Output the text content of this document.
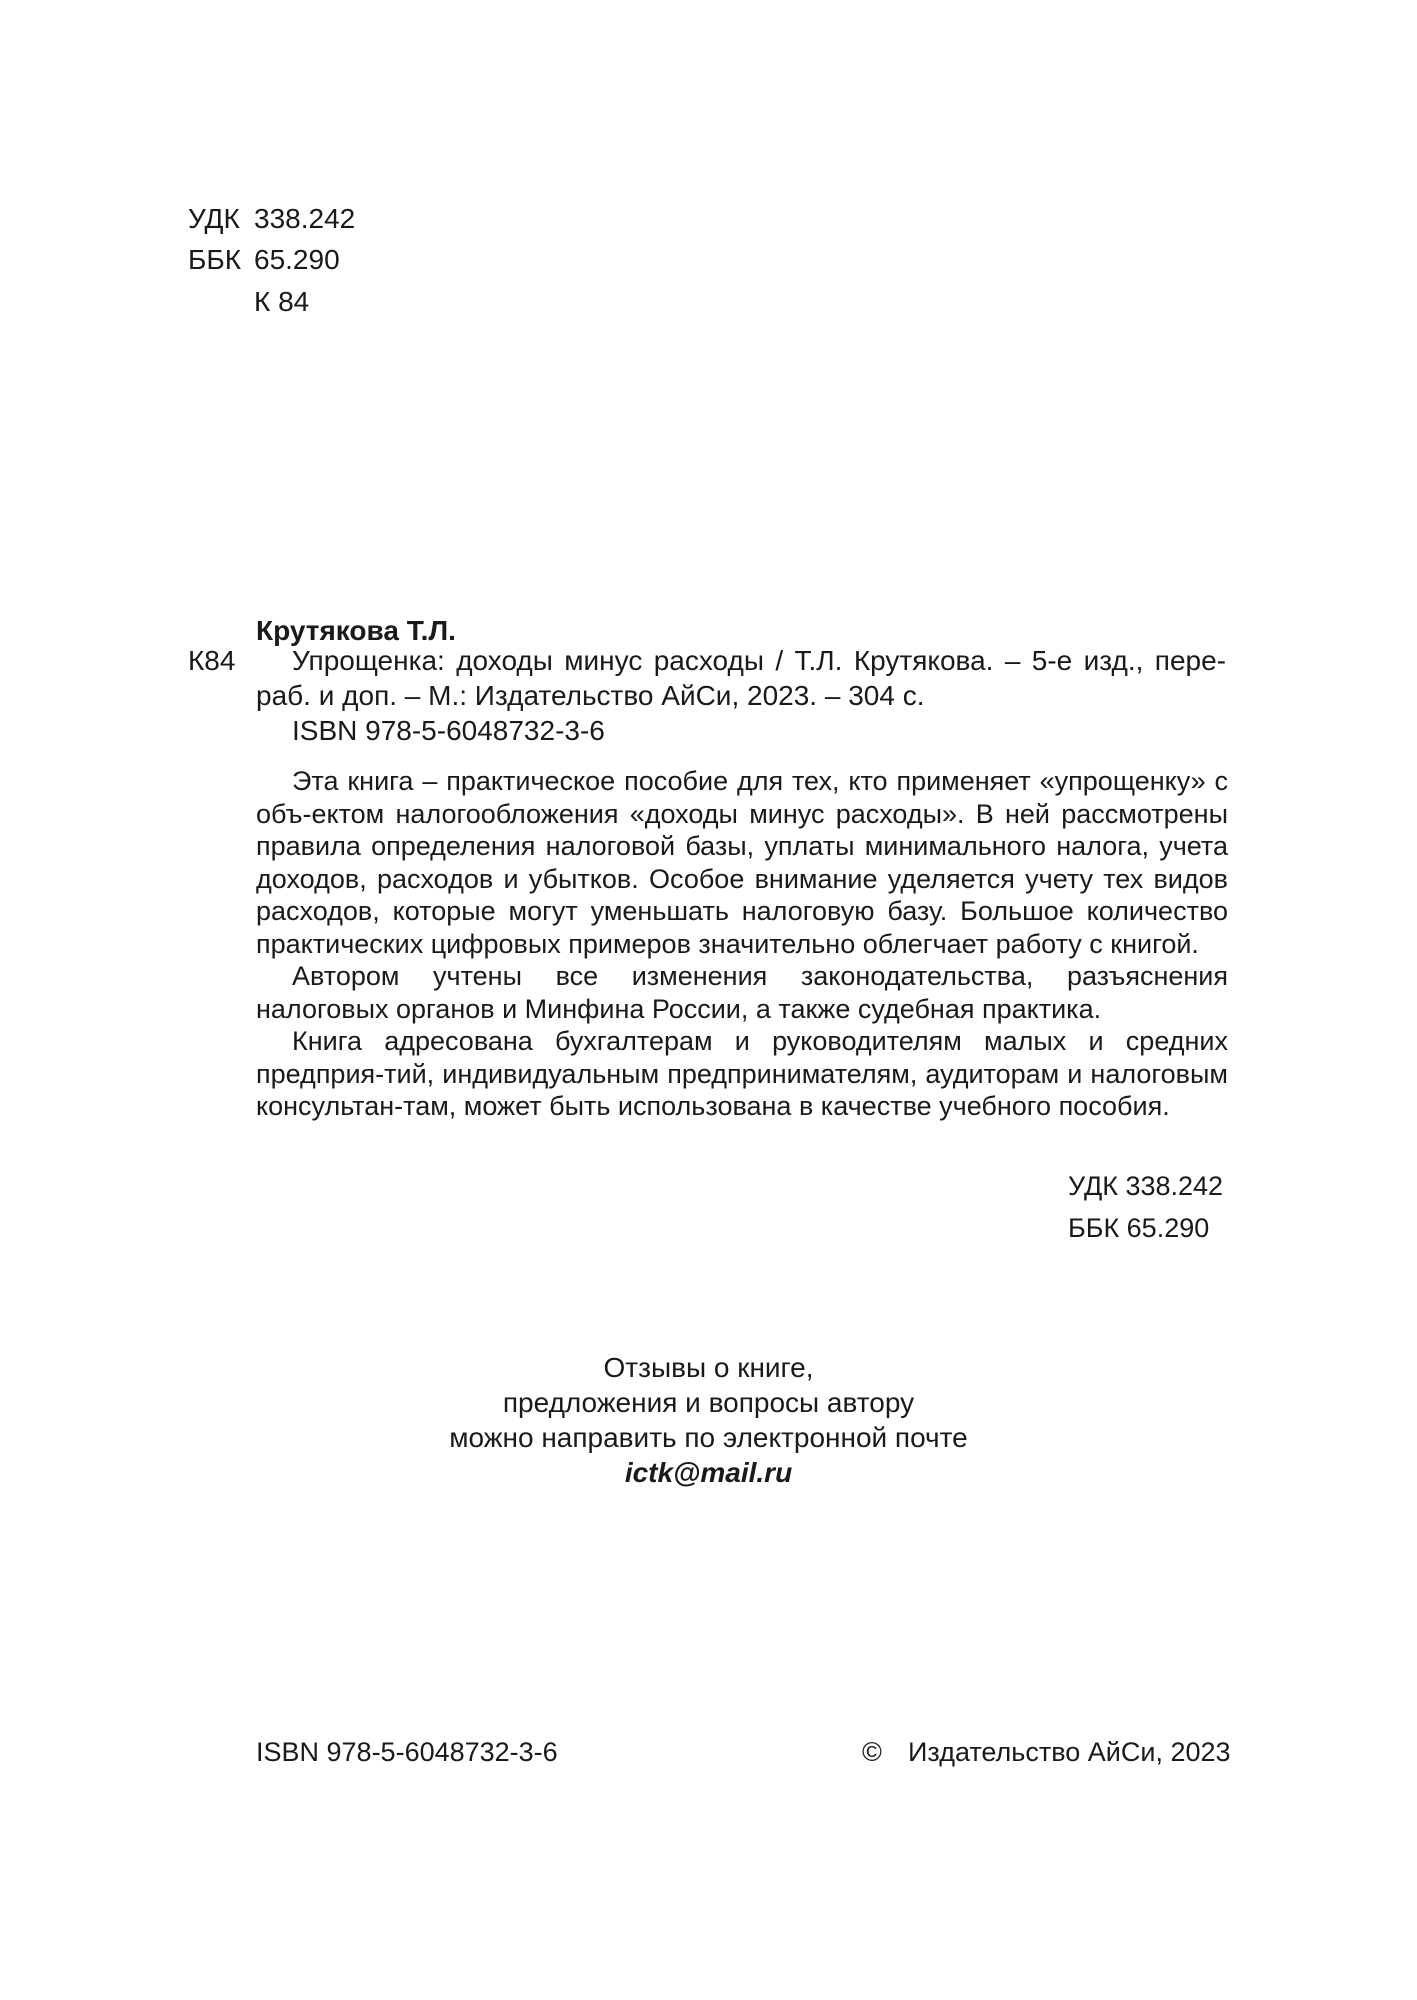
УДК 338.242
ББК 65.290
К 84
Крутякова Т.Л.
К84	Упрощенка: доходы минус расходы / Т.Л. Крутякова. – 5-е изд., пере-раб. и доп. – М.: Издательство АйСи, 2023. – 304 с.
ISBN 978-5-6048732-3-6

Эта книга – практическое пособие для тех, кто применяет «упрощенку» с объ-ектом налогообложения «доходы минус расходы». В ней рассмотрены правила определения налоговой базы, уплаты минимального налога, учета доходов, расходов и убытков. Особое внимание уделяется учету тех видов расходов, которые могут уменьшать налоговую базу. Большое количество практических цифровых примеров значительно облегчает работу с книгой.

Автором учтены все изменения законодательства, разъяснения налоговых органов и Минфина России, а также судебная практика.

Книга адресована бухгалтерам и руководителям малых и средних предприя-тий, индивидуальным предпринимателям, аудиторам и налоговым консультан-там, может быть использована в качестве учебного пособия.

УДК 338.242
ББК 65.290
Отзывы о книге,
предложения и вопросы автору
можно направить по электронной почте
ictk@mail.ru
ISBN 978-5-6048732-3-6	© Издательство АйСи, 2023
